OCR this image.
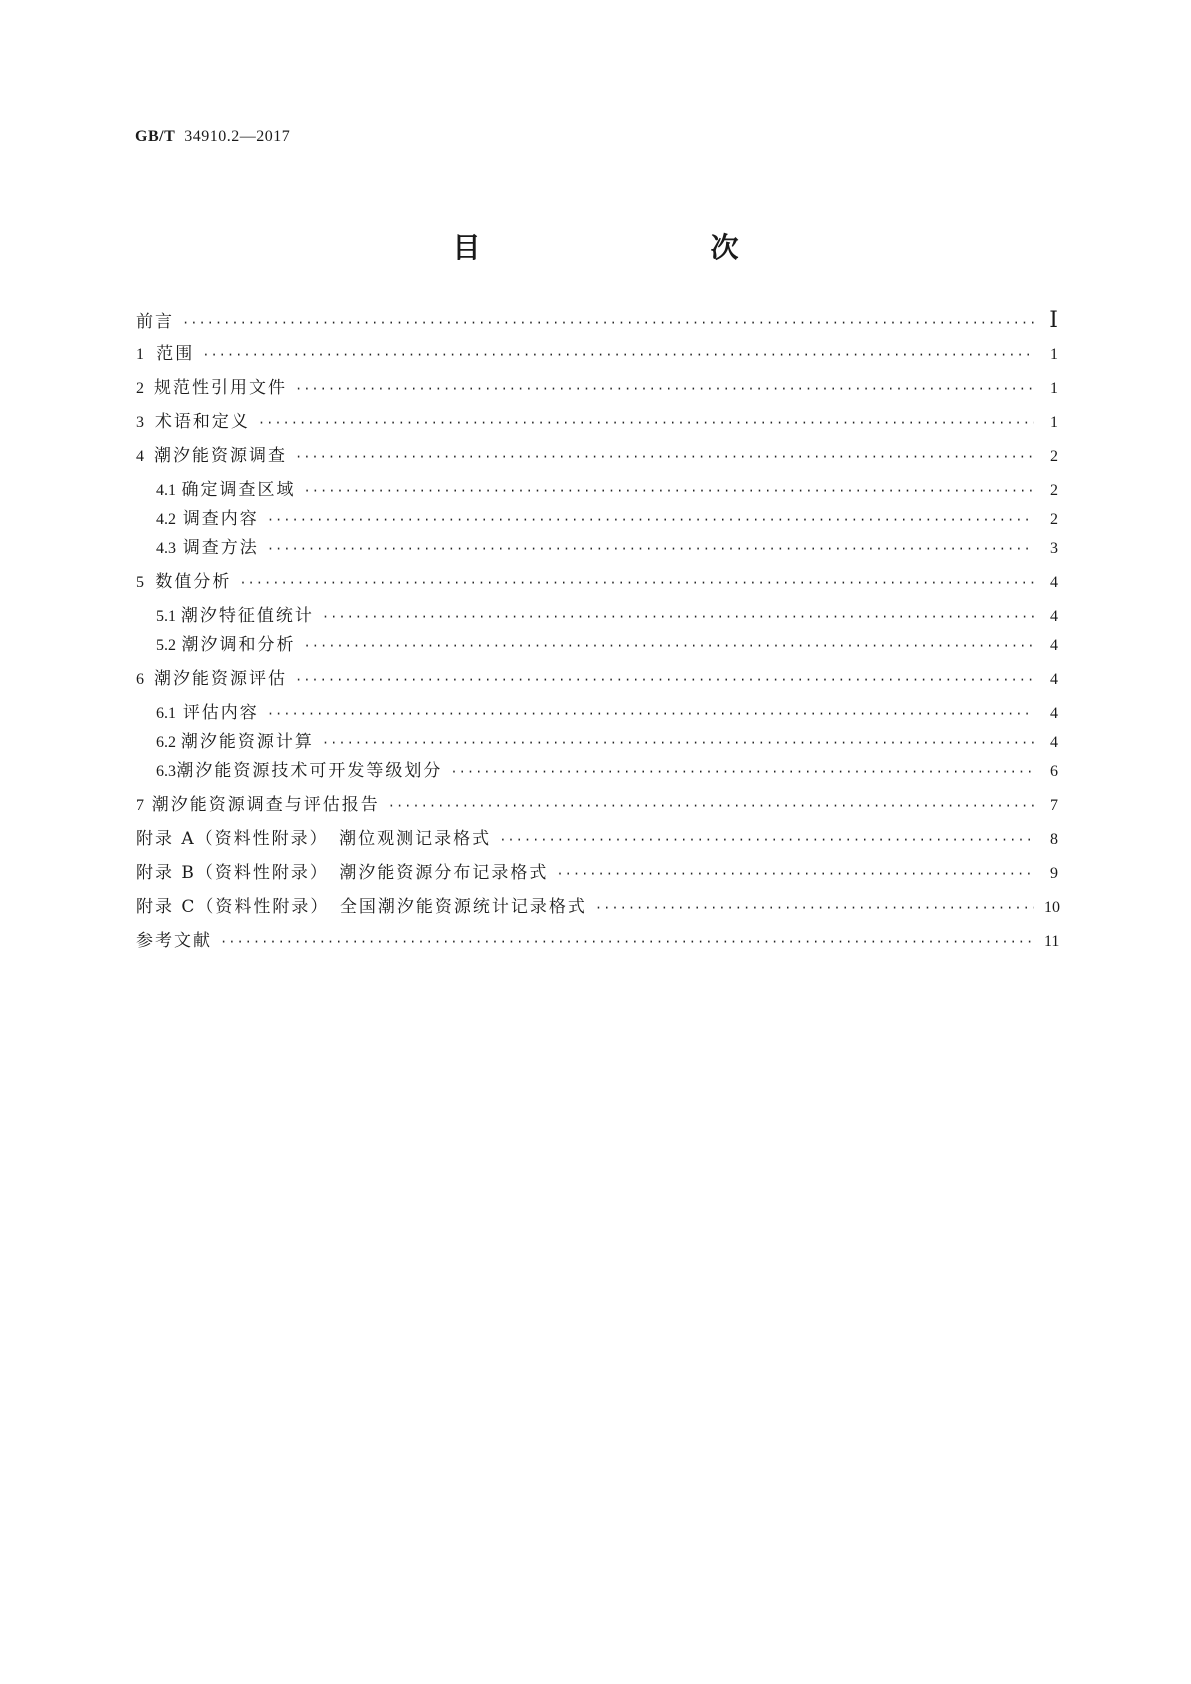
GB/T 34910.2—2017
目　　次
前言 ·····	Ⅰ
1 范围 ·····	1
2 规范性引用文件 ·····	1
3 术语和定义 ·····	1
4 潮汐能资源调查 ·····	2
4.1 确定调查区域 ·····	2
4.2 调查内容 ·····	2
4.3 调查方法 ·····	3
5 数值分析 ·····	4
5.1 潮汐特征值统计 ·····	4
5.2 潮汐调和分析 ·····	4
6 潮汐能资源评估 ·····	4
6.1 评估内容 ·····	4
6.2 潮汐能资源计算 ·····	4
6.3 潮汐能资源技术可开发等级划分 ·····	6
7 潮汐能资源调查与评估报告 ·····	7
附录 A（资料性附录）　潮位观测记录格式 ·····	8
附录 B（资料性附录）　潮汐能资源分布记录格式 ·····	9
附录 C（资料性附录）　全国潮汐能资源统计记录格式 ·····	10
参考文献 ·····	11
